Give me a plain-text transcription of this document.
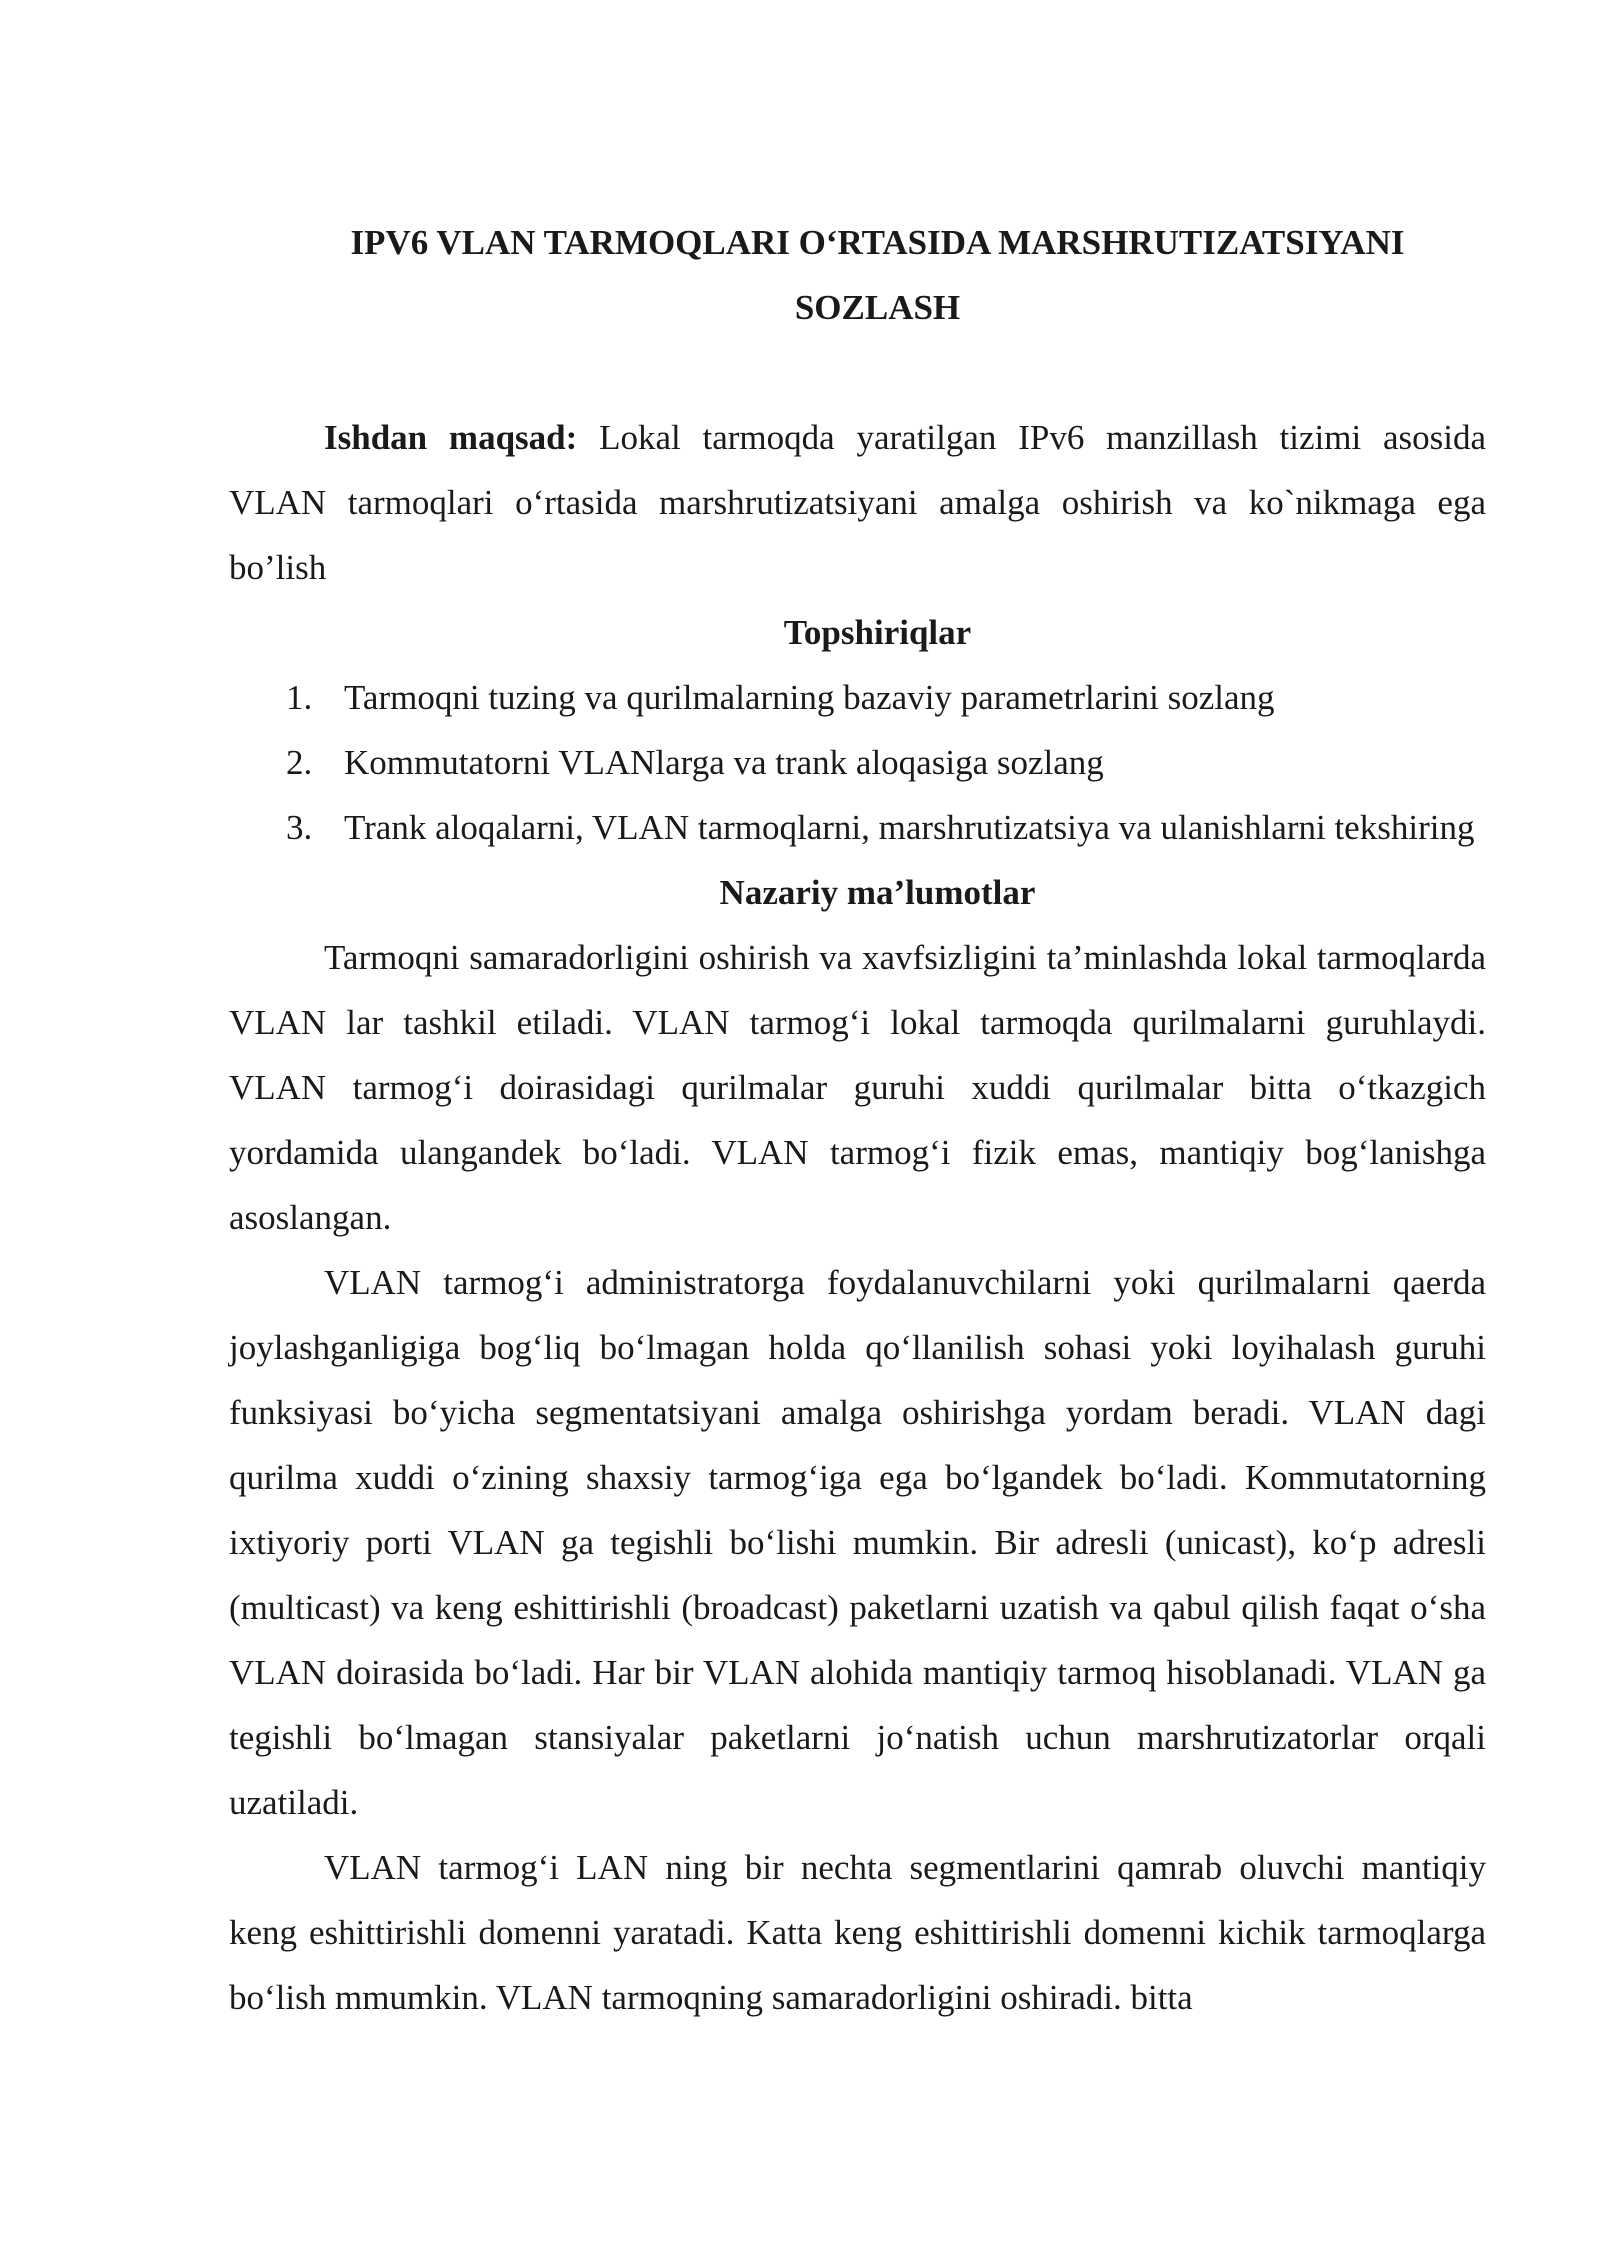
IPV6 VLAN TARMOQLARI O‘RTASIDA MARSHRUTIZATSIYANI
SOZLASH

Ishdan maqsad: Lokal tarmoqda yaratilgan IPv6 manzillash tizimi asosida VLAN tarmoqlari o‘rtasida marshrutizatsiyani amalga oshirish va ko`nikmaga ega bo’lish

Topshiriqlar

1. Tarmoqni tuzing va qurilmalarning bazaviy parametrlarini sozlang
2. Kommutatorni VLANlarga va trank aloqasiga sozlang
3. Trank aloqalarni, VLAN tarmoqlarni, marshrutizatsiya va ulanishlarni tekshiring

Nazariy ma’lumotlar

Tarmoqni samaradorligini oshirish va xavfsizligini ta’minlashda lokal tarmoqlarda VLAN lar tashkil etiladi. VLAN tarmog‘i lokal tarmoqda qurilmalarni guruhlaydi. VLAN tarmog‘i doirasidagi qurilmalar guruhi xuddi qurilmalar bitta o‘tkazgich yordamida ulangandek bo‘ladi. VLAN tarmog‘i fizik emas, mantiqiy bog‘lanishga asoslangan.

VLAN tarmog‘i administratorga foydalanuvchilarni yoki qurilmalarni qaerda joylashganligiga bog‘liq bo‘lmagan holda qo‘llanilish sohasi yoki loyihalash guruhi funksiyasi bo‘yicha segmentatsiyani amalga oshirishga yordam beradi. VLAN dagi qurilma xuddi o‘zining shaxsiy tarmog‘iga ega bo‘lgandek bo‘ladi. Kommutatorning ixtiyoriy porti VLAN ga tegishli bo‘lishi mumkin. Bir adresli (unicast), ko‘p adresli (multicast) va keng eshittirishli (broadcast) paketlarni uzatish va qabul qilish faqat o‘sha VLAN doirasida bo‘ladi. Har bir VLAN alohida mantiqiy tarmoq hisoblanadi. VLAN ga tegishli bo‘lmagan stansiyalar paketlarni jo‘natish uchun marshrutizatorlar orqali uzatiladi.

VLAN tarmog‘i LAN ning bir nechta segmentlarini qamrab oluvchi mantiqiy keng eshittirishli domenni yaratadi. Katta keng eshittirishli domenni kichik tarmoqlarga bo‘lish mmumkin. VLAN tarmoqning samaradorligini oshiradi. bitta
